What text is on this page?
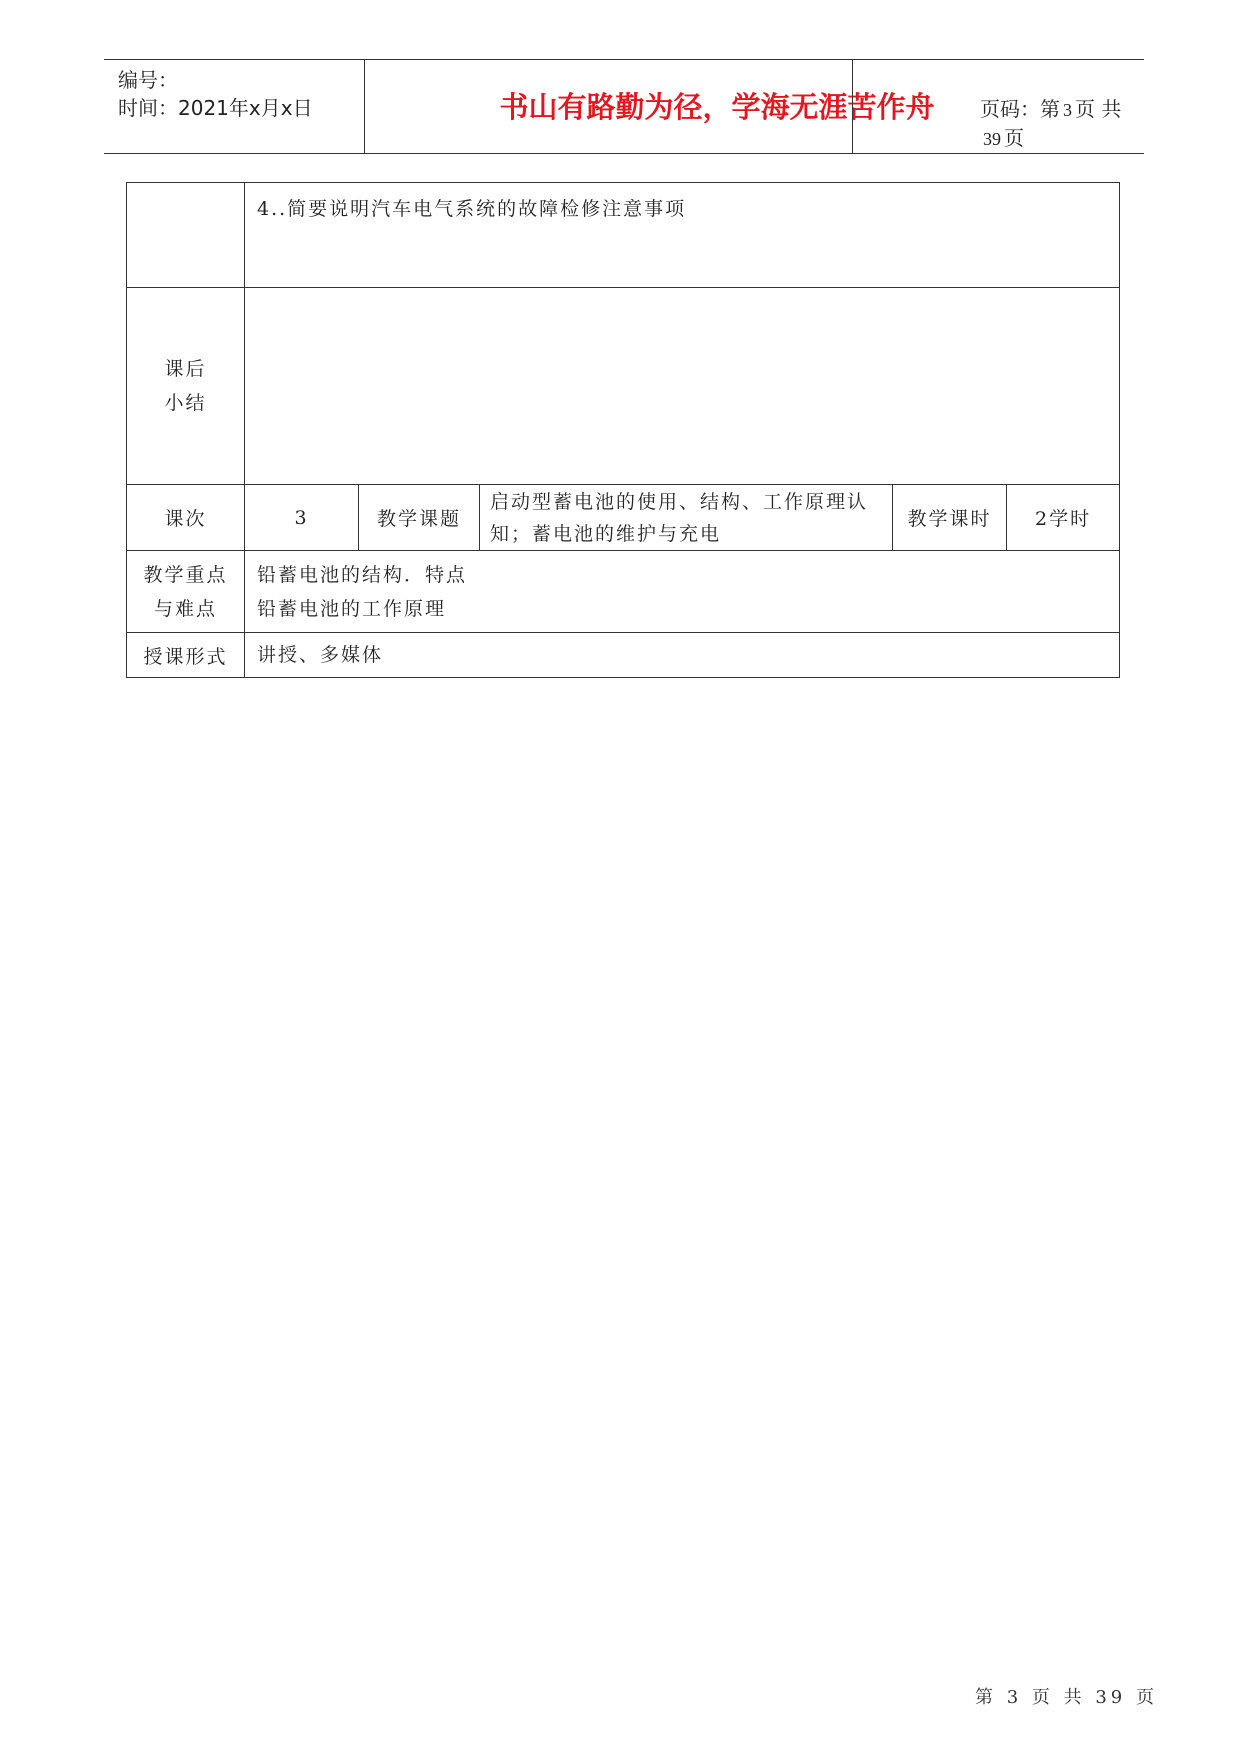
编号：
时间：2021年x月x日	书山有路勤为径，学海无涯苦作舟	页码：第 3 页 共39 页
	4..简要说明汽车电气系统的故障检修注意事项				

课后
小结					

课次	3	教学课题	启动型蓄电池的使用、结构、工作原理认
知；蓄电池的维护与充电	教学课时	2学时

教学重点
与难点	铅蓄电池的结构．特点
铅蓄电池的工作原理				

授课形式	讲授、多媒体				
第 3 页 共 39 页
